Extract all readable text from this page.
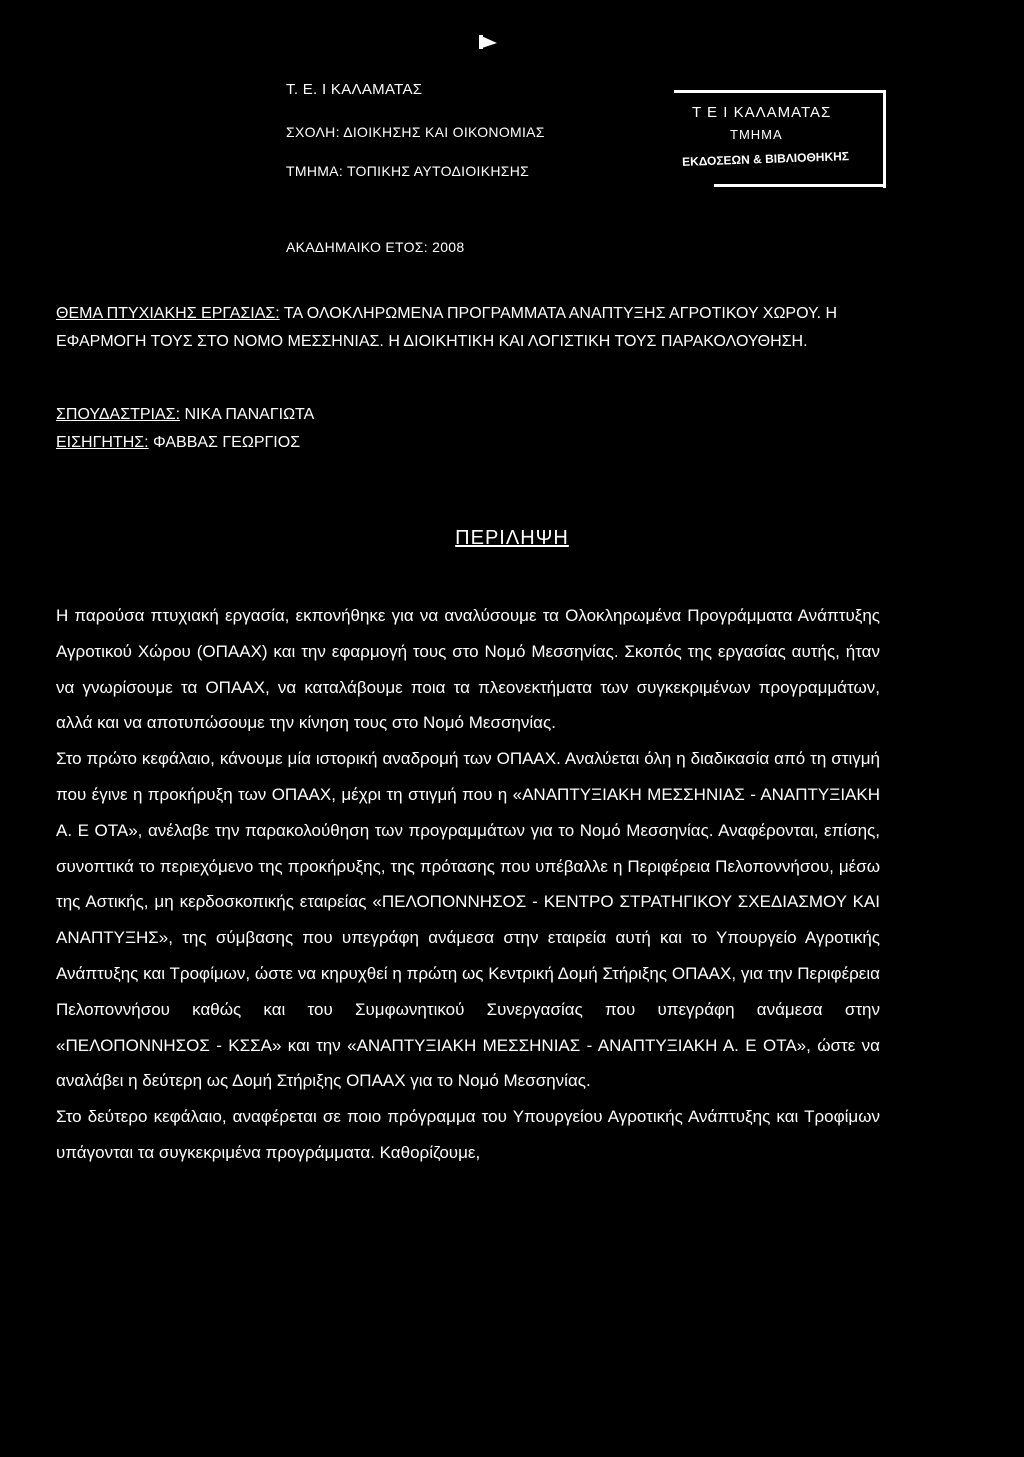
Τ. Ε. Ι ΚΑΛΑΜΑΤΑΣ
ΣΧΟΛΗ: ΔΙΟΙΚΗΣΗΣ ΚΑΙ ΟΙΚΟΝΟΜΙΑΣ
ΤΜΗΜΑ: ΤΟΠΙΚΗΣ ΑΥΤΟΔΙΟΙΚΗΣΗΣ
ΑΚΑΔΗΜΑΙΚΟ ΕΤΟΣ: 2008
Τ Ε Ι ΚΑΛΑΜΑΤΑΣ
ΤΜΗΜΑ
ΕΚΔΟΣΕΩΝ & ΒΙΒΛΙΟΘΗΚΗΣ
ΘΕΜΑ ΠΤΥΧΙΑΚΗΣ ΕΡΓΑΣΙΑΣ: ΤΑ ΟΛΟΚΛΗΡΩΜΕΝΑ ΠΡΟΓΡΑΜΜΑΤΑ ΑΝΑΠΤΥΞΗΣ ΑΓΡΟΤΙΚΟΥ ΧΩΡΟΥ. Η ΕΦΑΡΜΟΓΗ ΤΟΥΣ ΣΤΟ ΝΟΜΟ ΜΕΣΣΗΝΙΑΣ. Η ΔΙΟΙΚΗΤΙΚΗ ΚΑΙ ΛΟΓΙΣΤΙΚΗ ΤΟΥΣ ΠΑΡΑΚΟΛΟΥΘΗΣΗ.
ΣΠΟΥΔΑΣΤΡΙΑΣ: ΝΙΚΑ ΠΑΝΑΓΙΩΤΑ
ΕΙΣΗΓΗΤΗΣ: ΦΑΒΒΑΣ ΓΕΩΡΓΙΟΣ
ΠΕΡΙΛΗΨΗ

Η παρούσα πτυχιακή εργασία, εκπονήθηκε για να αναλύσουμε τα Ολοκληρωμένα Προγράμματα Ανάπτυξης Αγροτικού Χώρου (ΟΠΑΑΧ) και την εφαρμογή τους στο Νομό Μεσσηνίας. Σκοπός της εργασίας αυτής, ήταν να γνωρίσουμε τα ΟΠΑΑΧ, να καταλάβουμε ποια τα πλεονεκτήματα των συγκεκριμένων προγραμμάτων, αλλά και να αποτυπώσουμε την κίνηση τους στο Νομό Μεσσηνίας.

Στο πρώτο κεφάλαιο, κάνουμε μία ιστορική αναδρομή των ΟΠΑΑΧ. Αναλύεται όλη η διαδικασία από τη στιγμή που έγινε η προκήρυξη των ΟΠΑΑΧ, μέχρι τη στιγμή που η «ΑΝΑΠΤΥΞΙΑΚΗ ΜΕΣΣΗΝΙΑΣ - ΑΝΑΠΤΥΞΙΑΚΗ Α. Ε ΟΤΑ», ανέλαβε την παρακολούθηση των προγραμμάτων για το Νομό Μεσσηνίας. Αναφέρονται, επίσης, συνοπτικά το περιεχόμενο της προκήρυξης, της πρότασης που υπέβαλλε η Περιφέρεια Πελοποννήσου, μέσω της Αστικής, μη κερδοσκοπικής εταιρείας «ΠΕΛΟΠΟΝΝΗΣΟΣ - ΚΕΝΤΡΟ ΣΤΡΑΤΗΓΙΚΟΥ ΣΧΕΔΙΑΣΜΟΥ ΚΑΙ ΑΝΑΠΤΥΞΗΣ», της σύμβασης που υπεγράφη ανάμεσα στην εταιρεία αυτή και το Υπουργείο Αγροτικής Ανάπτυξης και Τροφίμων, ώστε να κηρυχθεί η πρώτη ως Κεντρική Δομή Στήριξης ΟΠΑΑΧ, για την Περιφέρεια Πελοποννήσου καθώς και του Συμφωνητικού Συνεργασίας που υπεγράφη ανάμεσα στην «ΠΕΛΟΠΟΝΝΗΣΟΣ - ΚΣΣΑ» και την «ΑΝΑΠΤΥΞΙΑΚΗ ΜΕΣΣΗΝΙΑΣ - ΑΝΑΠΤΥΞΙΑΚΗ Α. Ε ΟΤΑ», ώστε να αναλάβει η δεύτερη ως Δομή Στήριξης ΟΠΑΑΧ για το Νομό Μεσσηνίας.

Στο δεύτερο κεφάλαιο, αναφέρεται σε ποιο πρόγραμμα του Υπουργείου Αγροτικής Ανάπτυξης και Τροφίμων υπάγονται τα συγκεκριμένα προγράμματα. Καθορίζουμε,
